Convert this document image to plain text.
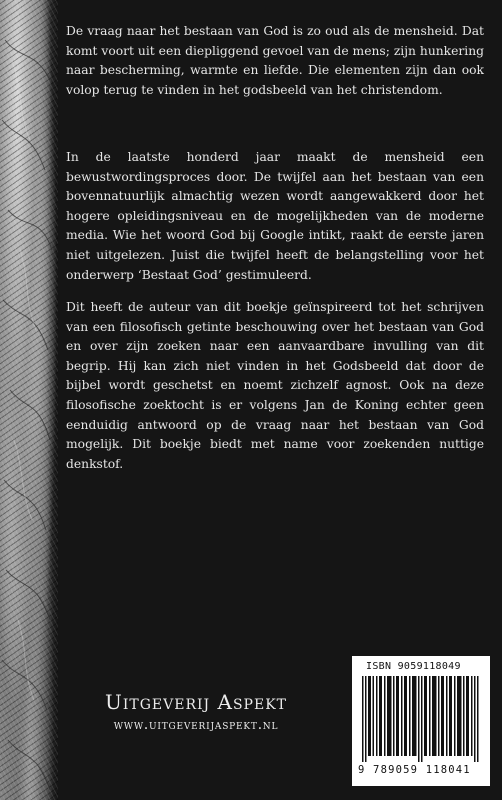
De vraag naar het bestaan van God is zo oud als de mensheid. Dat komt voort uit een diepliggend gevoel van de mens; zijn hunkering naar bescherming, warmte en liefde. Die elementen zijn dan ook volop terug te vinden in het godsbeeld van het christendom.

In de laatste honderd jaar maakt de mensheid een bewustwordingsproces door. De twijfel aan het bestaan van een bovennatuurlijk almachtig wezen wordt aangewakkerd door het hogere opleidingsniveau en de mogelijkheden van de moderne media. Wie het woord God bij Google intikt, raakt de eerste jaren niet uitgelezen. Juist die twijfel heeft de belangstelling voor het onderwerp ‘Bestaat God’ gestimuleerd.

Dit heeft de auteur van dit boekje geïnspireerd tot het schrijven van een filosofisch getinte beschouwing over het bestaan van God en over zijn zoeken naar een aanvaardbare invulling van dit begrip. Hij kan zich niet vinden in het Godsbeeld dat door de bijbel wordt geschetst en noemt zichzelf agnost. Ook na deze filosofische zoektocht is er volgens Jan de Koning echter geen eenduidig antwoord op de vraag naar het bestaan van God mogelijk. Dit boekje biedt met name voor zoekenden nuttige denkstof.

Uitgeverij Aspekt

www.uitgeverijaspekt.nl

ISBN 9059118049
9 789059 118041
